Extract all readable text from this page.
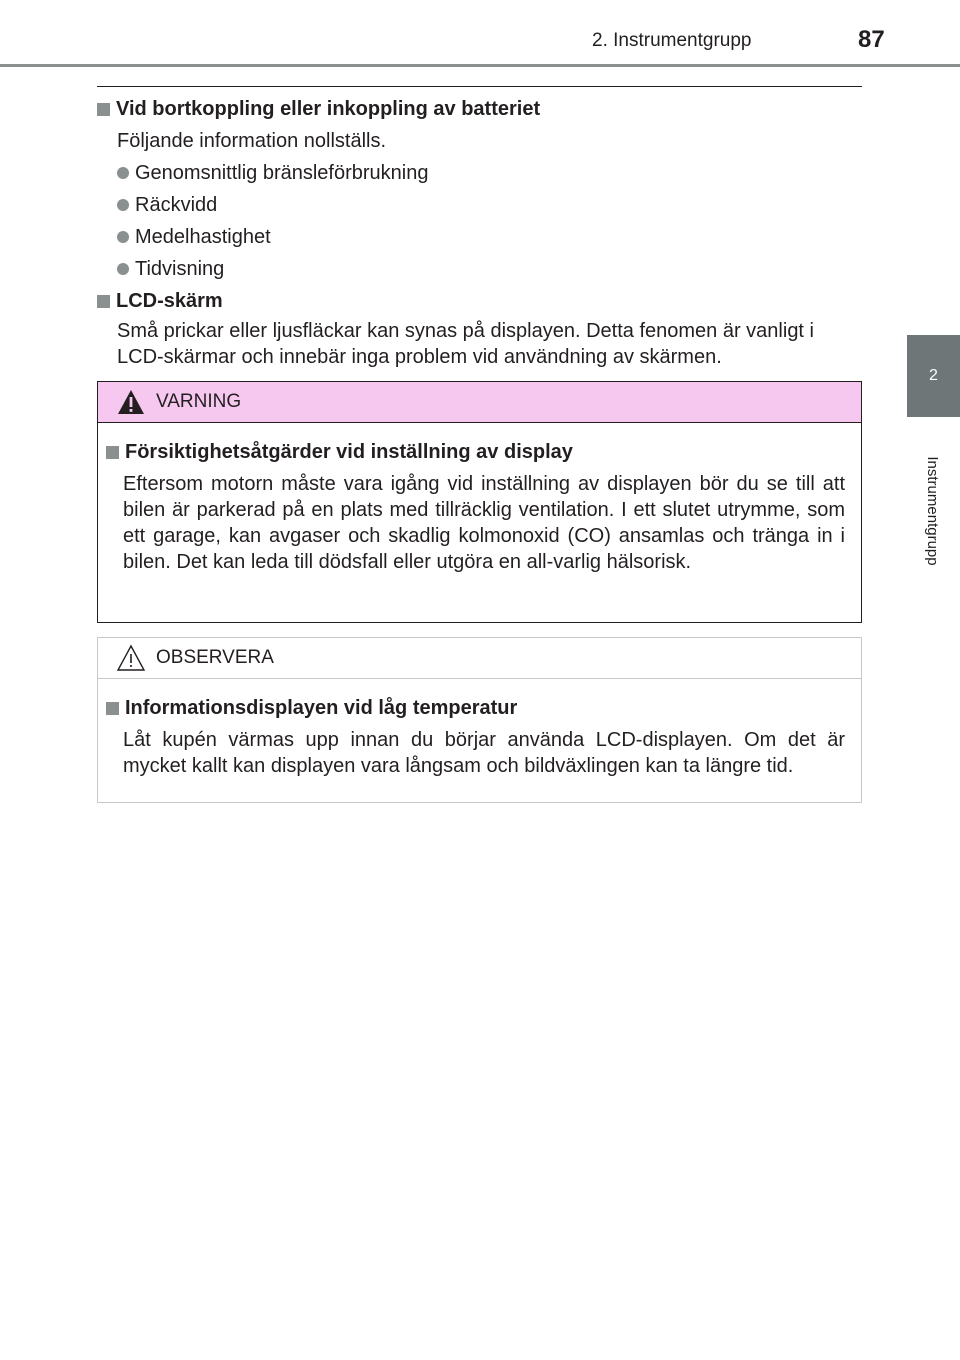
2. Instrumentgrupp	87
2
Instrumentgrupp
Vid bortkoppling eller inkoppling av batteriet

Följande information nollställs.

Genomsnittlig bränsleförbrukning
Räckvidd
Medelhastighet
Tidvisning
LCD-skärm

Små prickar eller ljusfläckar kan synas på displayen. Detta fenomen är vanligt i LCD-skärmar och innebär inga problem vid användning av skärmen.

VARNING
Försiktighetsåtgärder vid inställning av display

Eftersom motorn måste vara igång vid inställning av displayen bör du se till att bilen är parkerad på en plats med tillräcklig ventilation. I ett slutet utrymme, som ett garage, kan avgaser och skadlig kolmonoxid (CO) ansamlas och tränga in i bilen. Det kan leda till dödsfall eller utgöra en all-varlig hälsorisk.

OBSERVERA
Informationsdisplayen vid låg temperatur

Låt kupén värmas upp innan du börjar använda LCD-displayen. Om det är mycket kallt kan displayen vara långsam och bildväxlingen kan ta längre tid.
